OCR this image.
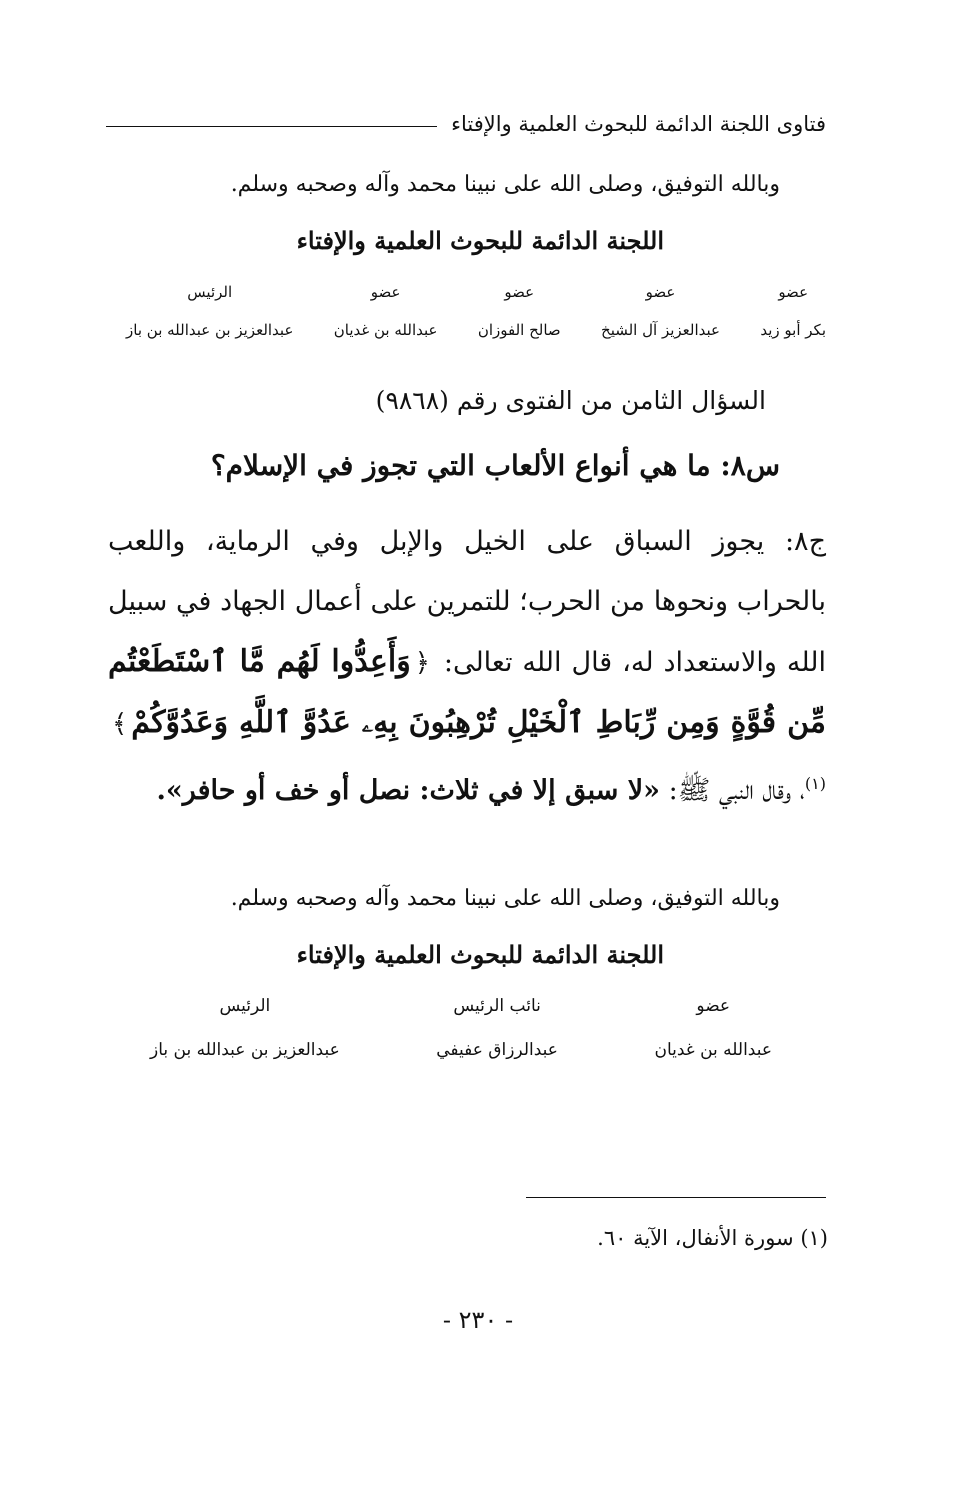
فتاوى اللجنة الدائمة للبحوث العلمية والإفتاء
وبالله التوفيق، وصلى الله على نبينا محمد وآله وصحبه وسلم.
اللجنة الدائمة للبحوث العلمية والإفتاء
عضو
بكر أبو زيد
عضو
عبدالعزيز آل الشيخ
عضو
صالح الفوزان
عضو
عبدالله بن غديان
الرئيس
عبدالعزيز بن عبدالله بن باز
السؤال الثامن من الفتوى رقم (٩٨٦٨)
س٨: ما هي أنواع الألعاب التي تجوز في الإسلام؟
ج٨: يجوز السباق على الخيل والإبل وفي الرماية، واللعب بالحراب ونحوها من الحرب؛ للتمرين على أعمال الجهاد في سبيل الله والاستعداد له، قال الله تعالى: ﴿وَأَعِدُّوا لَهُم مَّا ٱسْتَطَعْتُم مِّن قُوَّةٍ وَمِن رِّبَاطِ ٱلْخَيْلِ تُرْهِبُونَ بِهِۦ عَدُوَّ ٱللَّهِ وَعَدُوَّكُمْ﴾$^{(١)}$، وقال النبي ﷺ: «لا سبق إلا في ثلاث: نصل أو خف أو حافر».
وبالله التوفيق، وصلى الله على نبينا محمد وآله وصحبه وسلم.
اللجنة الدائمة للبحوث العلمية والإفتاء
عضو
عبدالله بن غديان
نائب الرئيس
عبدالرزاق عفيفي
الرئيس
عبدالعزيز بن عبدالله بن باز
(١) سورة الأنفال، الآية ٦٠.
- ٢٣٠ -
